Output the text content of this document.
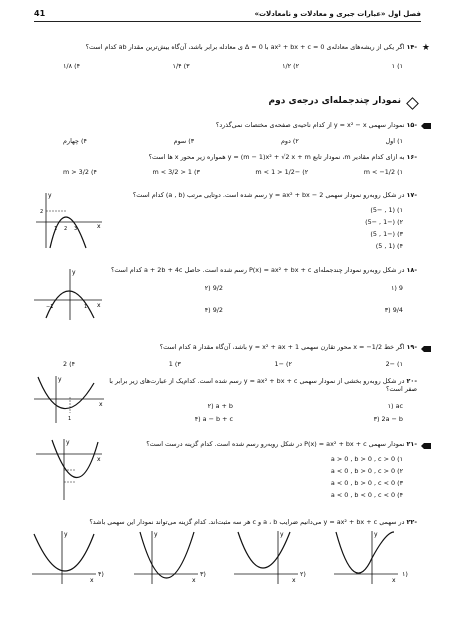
فصل اول «عبارات جبری و معادلات و نامعادلات»
41
★
-۱۴ اگر یکی از ریشه‌های معادله‌ی ax² + bx + c = 0 با Δ = 0 ی معادله برابر باشد، آن‌گاه بیش‌ترین مقدار ab کدام است؟
۱) ۱
۲) ۱/۲
۳) ۱/۴
۴) ۱/۸
نمودار چندجمله‌ای درجه‌ی دوم
-۱۵ نمودار سهمی y = x² − x از کدام ناحیه‌ی صفحه‌ی مختصات نمی‌گذرد؟
۱) اول
۲) دوم
۳) سوم
۴) چهارم
-۱۶ به ازای کدام مقادیر m، نمودار تابع y = (m − 1)x² + √2 x + m همواره زیر محور x ها است؟
۱) m < −1/2
۲) −1/2 < m < 1
۳) 1 < m < 3/2
۴) m > 3/2
-۱۷ در شکل روبه‌رو نمودار سهمی y = ax² + bx − 2 رسم شده است. دوتایی مرتب (a , b) کدام است؟
۱) (1 , −5)
۲) (−1 , −5)
۳) (−1 , 5)
۴) (1 , 5)
y
x
2
1 2 3
-۱۸ در شکل روبه‌رو نمودار چندجمله‌ای P(x) = ax² + bx + c رسم شده است. حاصل a + 2b + 4c کدام است؟
۱) 9
۲) 9/2
۳) 9/4
۴) 9/2
y
x
−1	1
-۱۹ اگر خط x = −1/2 محور تقارن سهمی y = x² + ax + 1 باشد، آن‌گاه مقدار a کدام است؟
۱) −2
۲) −1
۳) 1
۴) 2
-۲۰ در شکل روبه‌رو بخشی از نمودار سهمی y = ax² + bx + c رسم شده است. کدام‌یک از عبارت‌های زیر برابر با صفر است؟
۱) ac
۲) a + b
۳) 2a − b
۴) a − b + c
y
x
1
-۲۱ نمودار سهمی P(x) = ax² + bx + c در شکل روبه‌رو رسم شده است. کدام گزینه درست است؟
۱) a > 0 , b > 0 , c > 0
۲) a < 0 , b > 0 , c > 0
۳) a < 0 , b > 0 , c < 0
۴) a < 0 , b < 0 , c < 0
y
x
-۲۲ در سهمی y = ax² + bx + c می‌دانیم ضرایب a ، b و c هر سه مثبت‌اند. کدام گزینه می‌تواند نمودار این سهمی باشد؟
۴)
y
x
۳)
y
x
۲)
y
x
۱)
y
x
